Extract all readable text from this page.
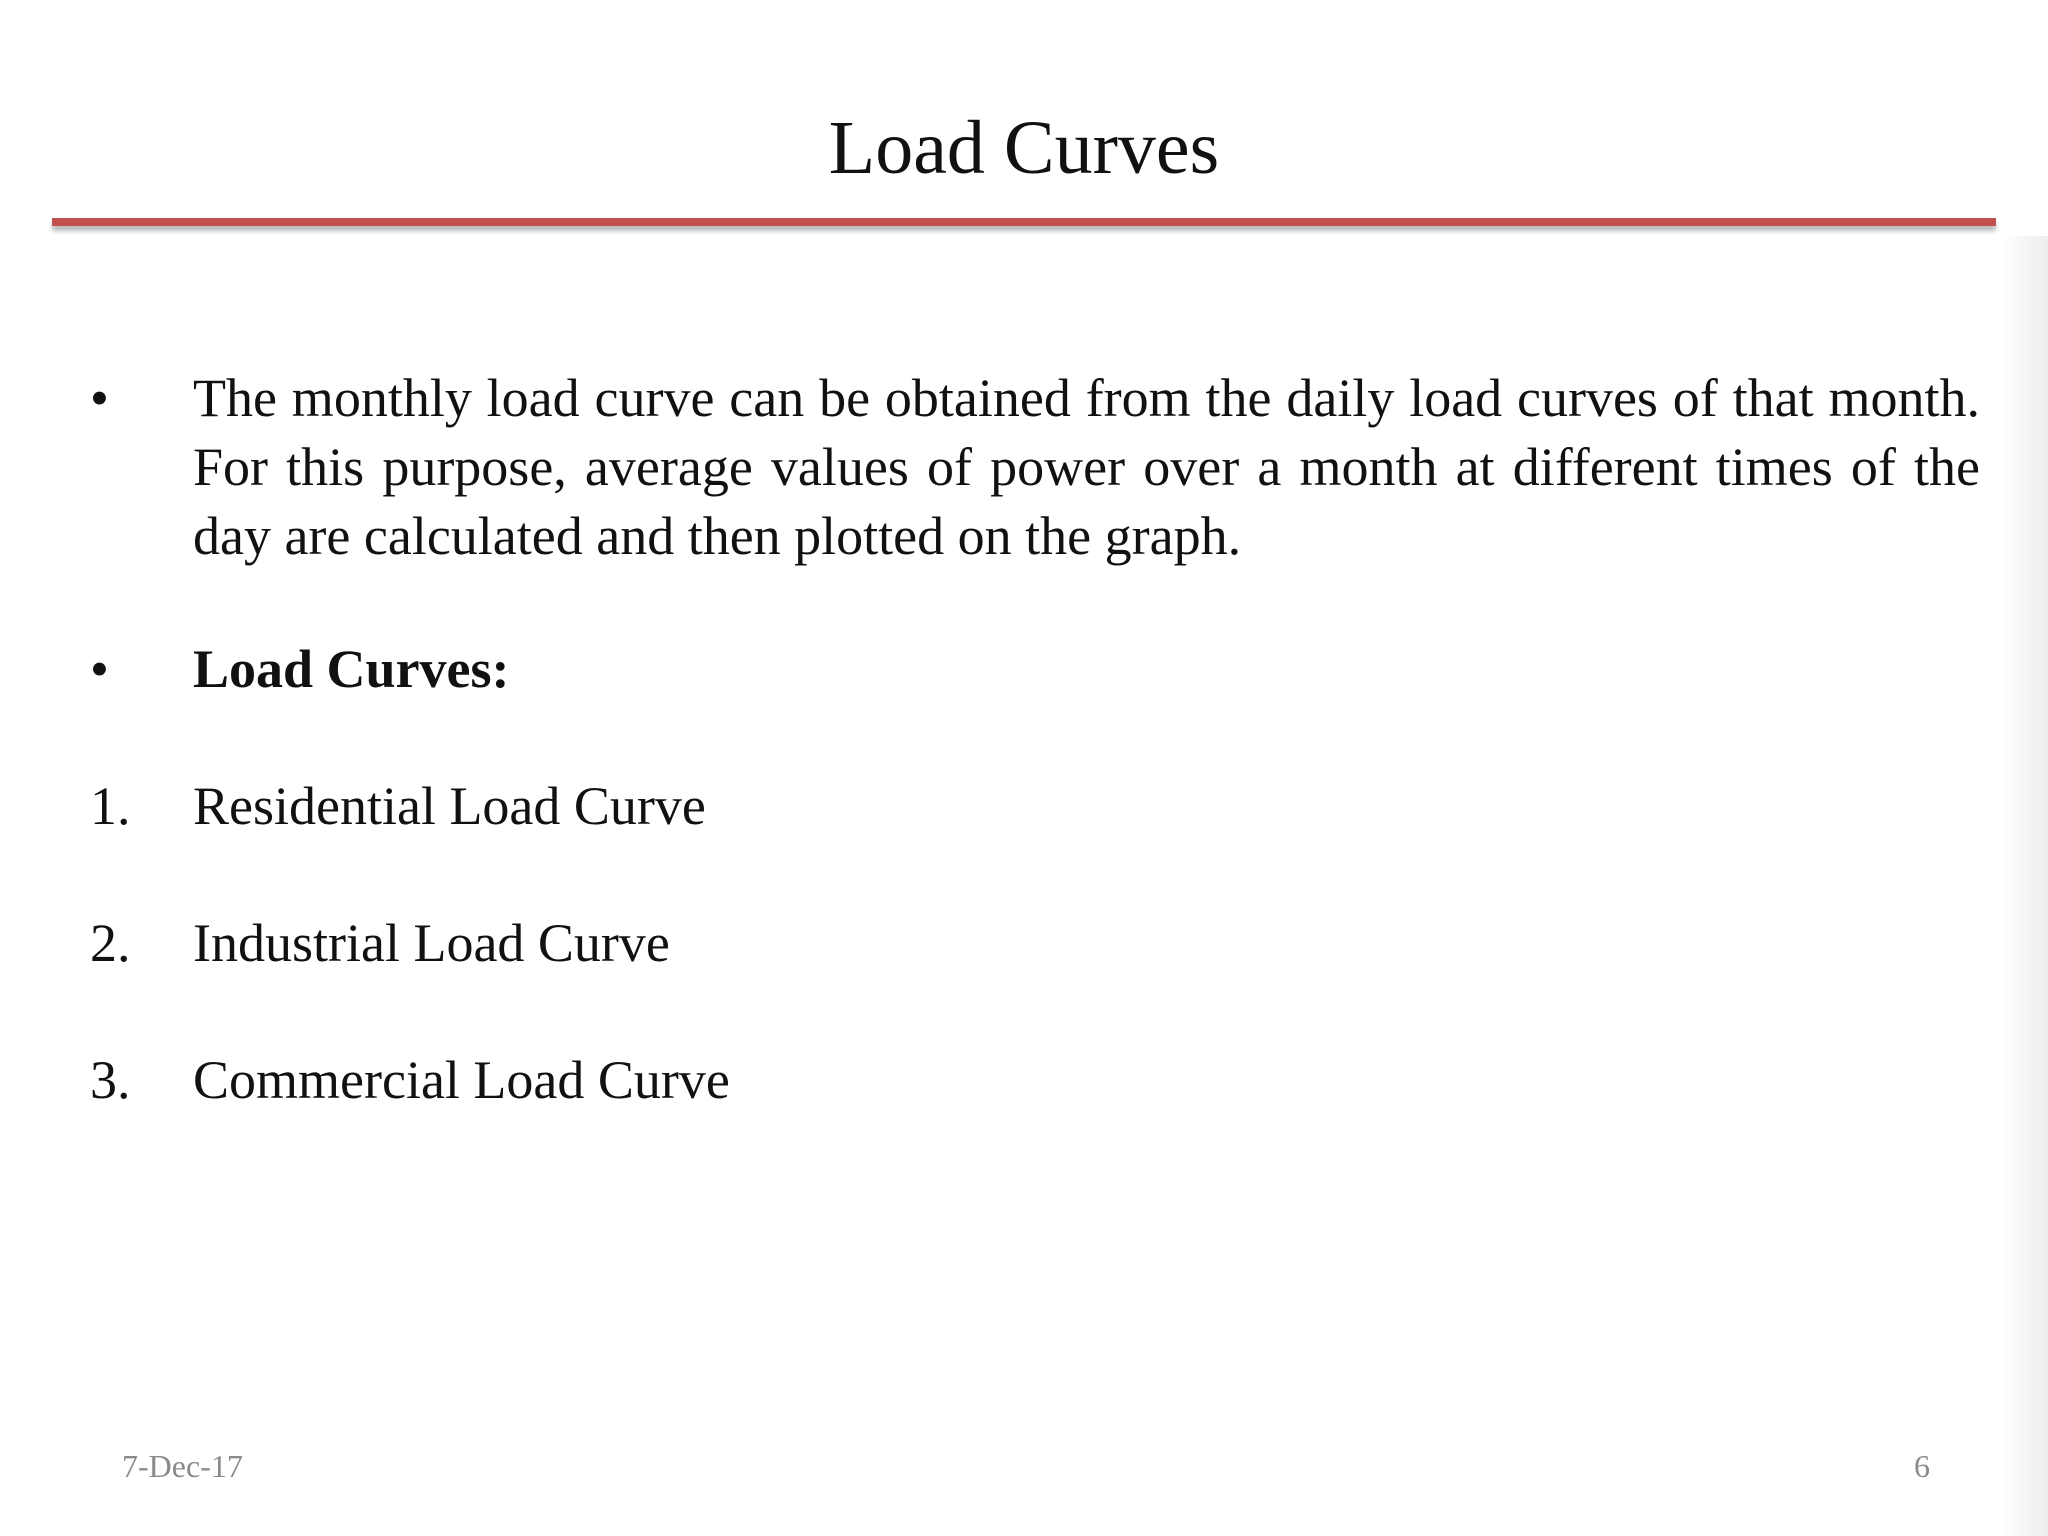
Load Curves
•	The monthly load curve can be obtained from the daily load curves of that month. For this purpose, average values of power over a month at different times of the day are calculated and then plotted on the graph.
•	Load Curves:
1.	Residential Load Curve
2.	Industrial Load Curve
3.	Commercial Load Curve
7-Dec-17	6
